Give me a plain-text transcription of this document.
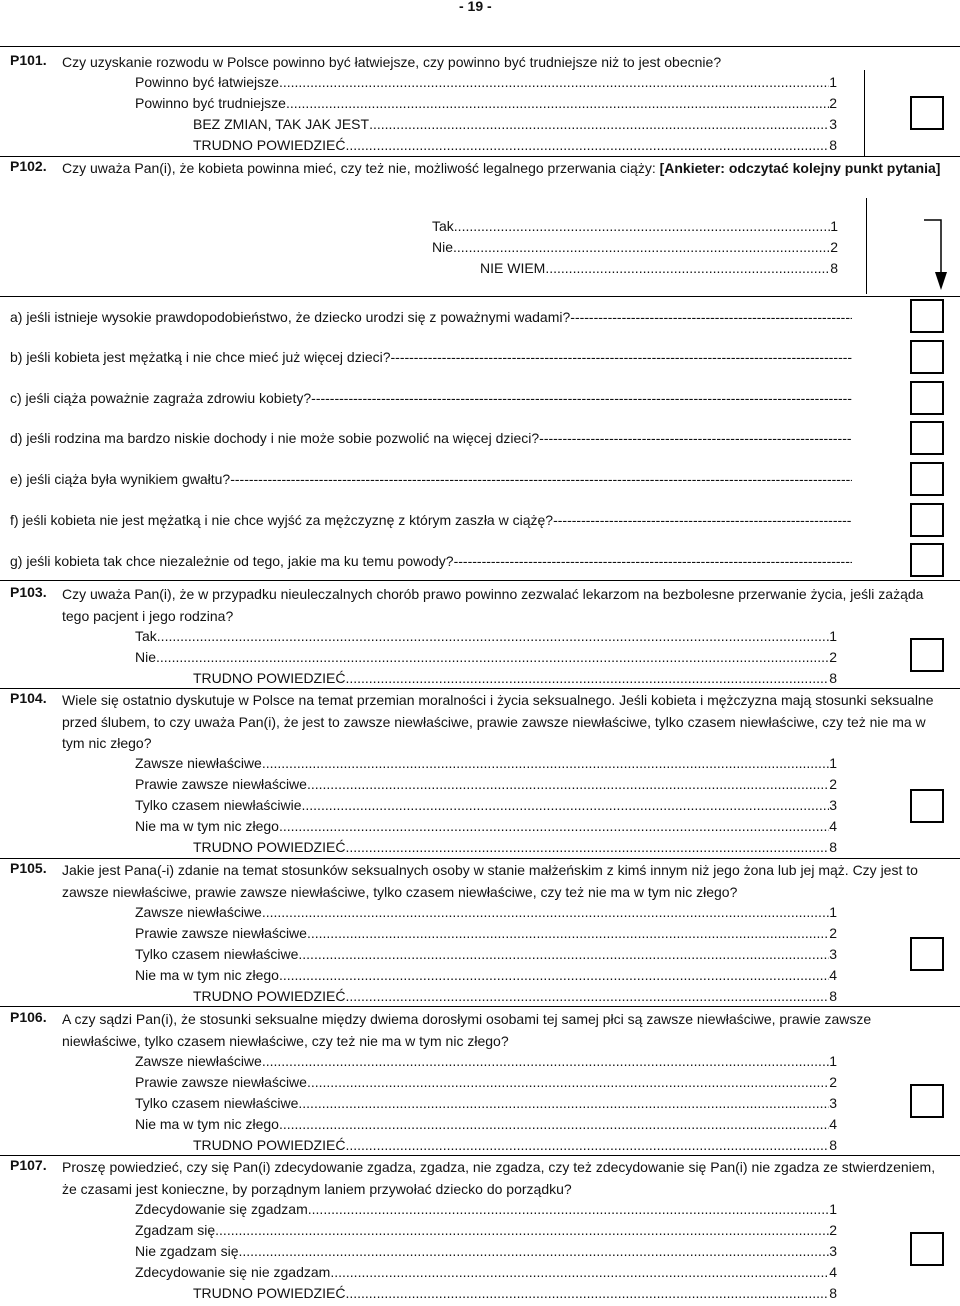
- 19 -
P101. Czy uzyskanie rozwodu w Polsce powinno być łatwiejsze, czy powinno być trudniejsze niż to jest obecnie?
Powinno być łatwiejsze .....	1
Powinno być trudniejsze .....	2
BEZ ZMIAN, TAK JAK JEST .....	3
TRUDNO POWIEDZIEĆ .....	8
P102. Czy uważa Pan(i), że kobieta powinna mieć, czy też nie, możliwość legalnego przerwania ciąży: [Ankieter: odczytać kolejny punkt pytania]
Tak .....	1
Nie .....	2
NIE WIEM .....	8
a) jeśli istnieje wysokie prawdopodobieństwo, że dziecko urodzi się z poważnymi wadami?
-----
b) jeśli kobieta jest mężatką i nie chce mieć już więcej dzieci?
-----
c) jeśli ciąża poważnie zagraża zdrowiu kobiety?
-----
d) jeśli rodzina ma bardzo niskie dochody i nie może sobie pozwolić na więcej dzieci?
-----
e) jeśli ciąża była wynikiem gwałtu?
-----
f) jeśli kobieta nie jest mężatką i nie chce wyjść za mężczyznę z którym zaszła w ciążę?
-----
g) jeśli kobieta tak chce niezależnie od tego, jakie ma ku temu powody?
-----
P103. Czy uważa Pan(i), że w przypadku nieuleczalnych chorób prawo powinno zezwalać lekarzom na bezbolesne przerwanie życia, jeśli zażąda tego pacjent i jego rodzina?
Tak .....	1
Nie .....	2
TRUDNO POWIEDZIEĆ .....	8
P104. Wiele się ostatnio dyskutuje w Polsce na temat przemian moralności i życia seksualnego. Jeśli kobieta i mężczyzna mają stosunki seksualne przed ślubem, to czy uważa Pan(i), że jest to zawsze niewłaściwe, prawie zawsze niewłaściwe, tylko czasem niewłaściwe, czy też nie ma w tym nic złego?
Zawsze niewłaściwe .....	1
Prawie zawsze niewłaściwe .....	2
Tylko czasem niewłaściwie .....	3
Nie ma w tym nic złego .....	4
TRUDNO POWIEDZIEĆ .....	8
P105. Jakie jest Pana(-i) zdanie na temat stosunków seksualnych osoby w stanie małżeńskim z kimś innym niż jego żona lub jej mąż. Czy jest to zawsze niewłaściwe, prawie zawsze niewłaściwe, tylko czasem niewłaściwe, czy też nie ma w tym nic złego?
Zawsze niewłaściwe .....	1
Prawie zawsze niewłaściwe .....	2
Tylko czasem niewłaściwe .....	3
Nie ma w tym nic złego .....	4
TRUDNO POWIEDZIEĆ .....	8
P106. A czy sądzi Pan(i), że stosunki seksualne między dwiema dorosłymi osobami tej samej płci są zawsze niewłaściwe, prawie zawsze niewłaściwe, tylko czasem niewłaściwe, czy też nie ma w tym nic złego?
Zawsze niewłaściwe .....	1
Prawie zawsze niewłaściwe .....	2
Tylko czasem niewłaściwe .....	3
Nie ma w tym nic złego .....	4
TRUDNO POWIEDZIEĆ .....	8
P107. Proszę powiedzieć, czy się Pan(i) zdecydowanie zgadza, zgadza, nie zgadza, czy też zdecydowanie się Pan(i) nie zgadza ze stwierdzeniem, że czasami jest konieczne, by porządnym laniem przywołać dziecko do porządku?
Zdecydowanie się zgadzam .....	1
Zgadzam się .....	2
Nie zgadzam się .....	3
Zdecydowanie się nie zgadzam .....	4
TRUDNO POWIEDZIEĆ .....	8
